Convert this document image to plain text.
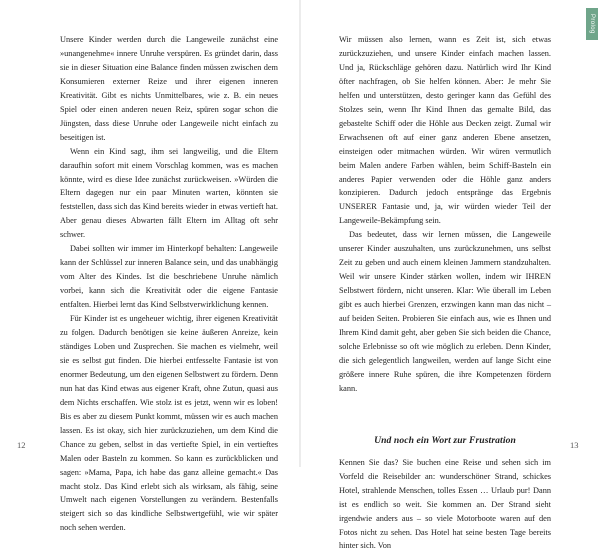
Unsere Kinder werden durch die Langeweile zunächst eine »unangenehme« innere Unruhe verspüren. Es gründet darin, dass sie in dieser Situation eine Balance finden müssen zwischen dem Konsumieren externer Reize und ihrer eigenen inneren Kreativität. Gibt es nichts Unmittelbares, wie z. B. ein neues Spiel oder einen anderen neuen Reiz, spüren sogar schon die Jüngsten, dass diese Unruhe oder Langeweile nicht einfach zu beseitigen ist.

Wenn ein Kind sagt, ihm sei langweilig, und die Eltern daraufhin sofort mit einem Vorschlag kommen, was es machen könnte, wird es diese Idee zunächst zurückweisen. »Würden die Eltern dagegen nur ein paar Minuten warten, könnten sie feststellen, dass sich das Kind bereits wieder in etwas vertieft hat. Aber genau dieses Abwarten fällt Eltern im Alltag oft sehr schwer.

Dabei sollten wir immer im Hinterkopf behalten: Langeweile kann der Schlüssel zur inneren Balance sein, und das unabhängig vom Alter des Kindes. Ist die beschriebene Unruhe nämlich vorbei, kann sich die Kreativität oder die eigene Fantasie entfalten. Hierbei lernt das Kind Selbstverwirklichung kennen.

Für Kinder ist es ungeheuer wichtig, ihrer eigenen Kreativität zu folgen. Dadurch benötigen sie keine äußeren Anreize, kein ständiges Loben und Zusprechen. Sie machen es vielmehr, weil sie es selbst gut finden. Die hierbei entfesselte Fantasie ist von enormer Bedeutung, um den eigenen Selbstwert zu fördern. Denn nun hat das Kind etwas aus eigener Kraft, ohne Zutun, quasi aus dem Nichts erschaffen. Wie stolz ist es jetzt, wenn wir es loben! Bis es aber zu diesem Punkt kommt, müssen wir es auch machen lassen. Es ist okay, sich hier zurückzuziehen, um dem Kind die Chance zu geben, selbst in das vertiefte Spiel, in ein vertieftes Malen oder Basteln zu kommen. So kann es zurückblicken und sagen: »Mama, Papa, ich habe das ganz alleine gemacht.« Das macht stolz. Das Kind erlebt sich als wirksam, als fähig, seine Umwelt nach eigenen Vorstellungen zu verändern. Bestenfalls steigert sich so das kindliche Selbstwertgefühl, wie wir später noch sehen werden.

12

Wir müssen also lernen, wann es Zeit ist, sich etwas zurückzuziehen, und unsere Kinder einfach machen lassen. Und ja, Rückschläge gehören dazu. Natürlich wird Ihr Kind öfter nachfragen, ob Sie helfen können. Aber: Je mehr Sie helfen und unterstützen, desto geringer kann das Gefühl des Stolzes sein, wenn Ihr Kind Ihnen das gemalte Bild, das gebastelte Schiff oder die Höhle aus Decken zeigt. Zumal wir Erwachsenen oft auf einer ganz anderen Ebene ansetzen, einsteigen oder mitmachen würden. Wir würen vermutlich beim Malen andere Farben wählen, beim Schiff-Basteln ein anderes Papier verwenden oder die Höhle ganz anders konzipieren. Dadurch jedoch entspränge das Ergebnis UNSERER Fantasie und, ja, wir würden wieder Teil der Langeweile-Bekämpfung sein.

Das bedeutet, dass wir lernen müssen, die Langeweile unserer Kinder auszuhalten, uns zurückzunehmen, uns selbst Zeit zu geben und auch einem kleinen Jammern standzuhalten. Weil wir unsere Kinder stärken wollen, indem wir IHREN Selbstwert fördern, nicht unseren. Klar: Wie überall im Leben gibt es auch hierbei Grenzen, erzwingen kann man das nicht – auf beiden Seiten. Probieren Sie einfach aus, wie es Ihnen und Ihrem Kind damit geht, aber geben Sie sich beiden die Chance, solche Erlebnisse so oft wie möglich zu erleben. Denn Kinder, die sich gelegentlich langweilen, werden auf lange Sicht eine größere innere Ruhe spüren, die ihre Kompetenzen fördern kann.

Und noch ein Wort zur Frustration

Kennen Sie das? Sie buchen eine Reise und sehen sich im Vorfeld die Reisebilder an: wunderschöner Strand, schickes Hotel, strahlende Menschen, tolles Essen … Urlaub pur! Dann ist es endlich so weit. Sie kommen an. Der Strand sieht irgendwie anders aus – so viele Motorboote waren auf den Fotos nicht zu sehen. Das Hotel hat seine besten Tage bereits hinter sich. Von

Prolog
13
